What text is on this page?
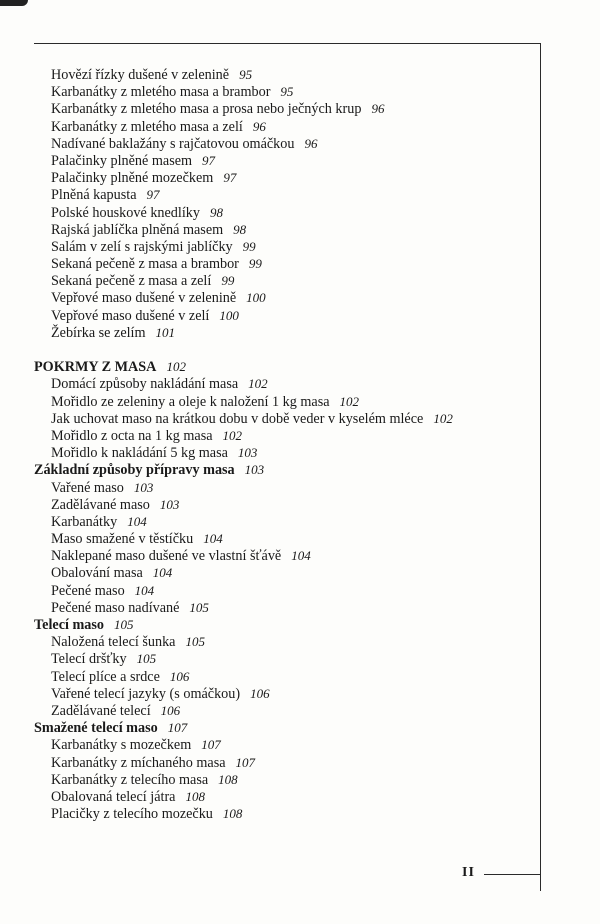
Hovězí řízky dušené v zelenině 95
Karbanátky z mletého masa a brambor 95
Karbanátky z mletého masa a prosa nebo ječných krup 96
Karbanátky z mletého masa a zelí 96
Nadívané baklažány s rajčatovou omáčkou 96
Palačinky plněné masem 97
Palačinky plněné mozečkem 97
Plněná kapusta 97
Polské houskové knedlíky 98
Rajská jablíčka plněná masem 98
Salám v zelí s rajskými jablíčky 99
Sekaná pečeně z masa a brambor 99
Sekaná pečeně z masa a zelí 99
Vepřové maso dušené v zelenině 100
Vepřové maso dušené v zelí 100
Žebírka se zelím 101
POKRMY Z MASA 102
Domácí způsoby nakládání masa 102
Mořidlo ze zeleniny a oleje k naložení 1 kg masa 102
Jak uchovat maso na krátkou dobu v době veder v kyselém mléce 102
Mořidlo z octa na 1 kg masa 102
Mořidlo k nakládání 5 kg masa 103
Základní způsoby přípravy masa 103
Vařené maso 103
Zadělávané maso 103
Karbanátky 104
Maso smažené v těstíčku 104
Naklepané maso dušené ve vlastní šťávě 104
Obalování masa 104
Pečené maso 104
Pečené maso nadívané 105
Telecí maso 105
Naložená telecí šunka 105
Telecí dršťky 105
Telecí plíce a srdce 106
Vařené telecí jazyky (s omáčkou) 106
Zadělávané telecí 106
Smažené telecí maso 107
Karbanátky s mozečkem 107
Karbanátky z míchaného masa 107
Karbanátky z telecího masa 108
Obalovaná telecí játra 108
Placičky z telecího mozečku 108
II
